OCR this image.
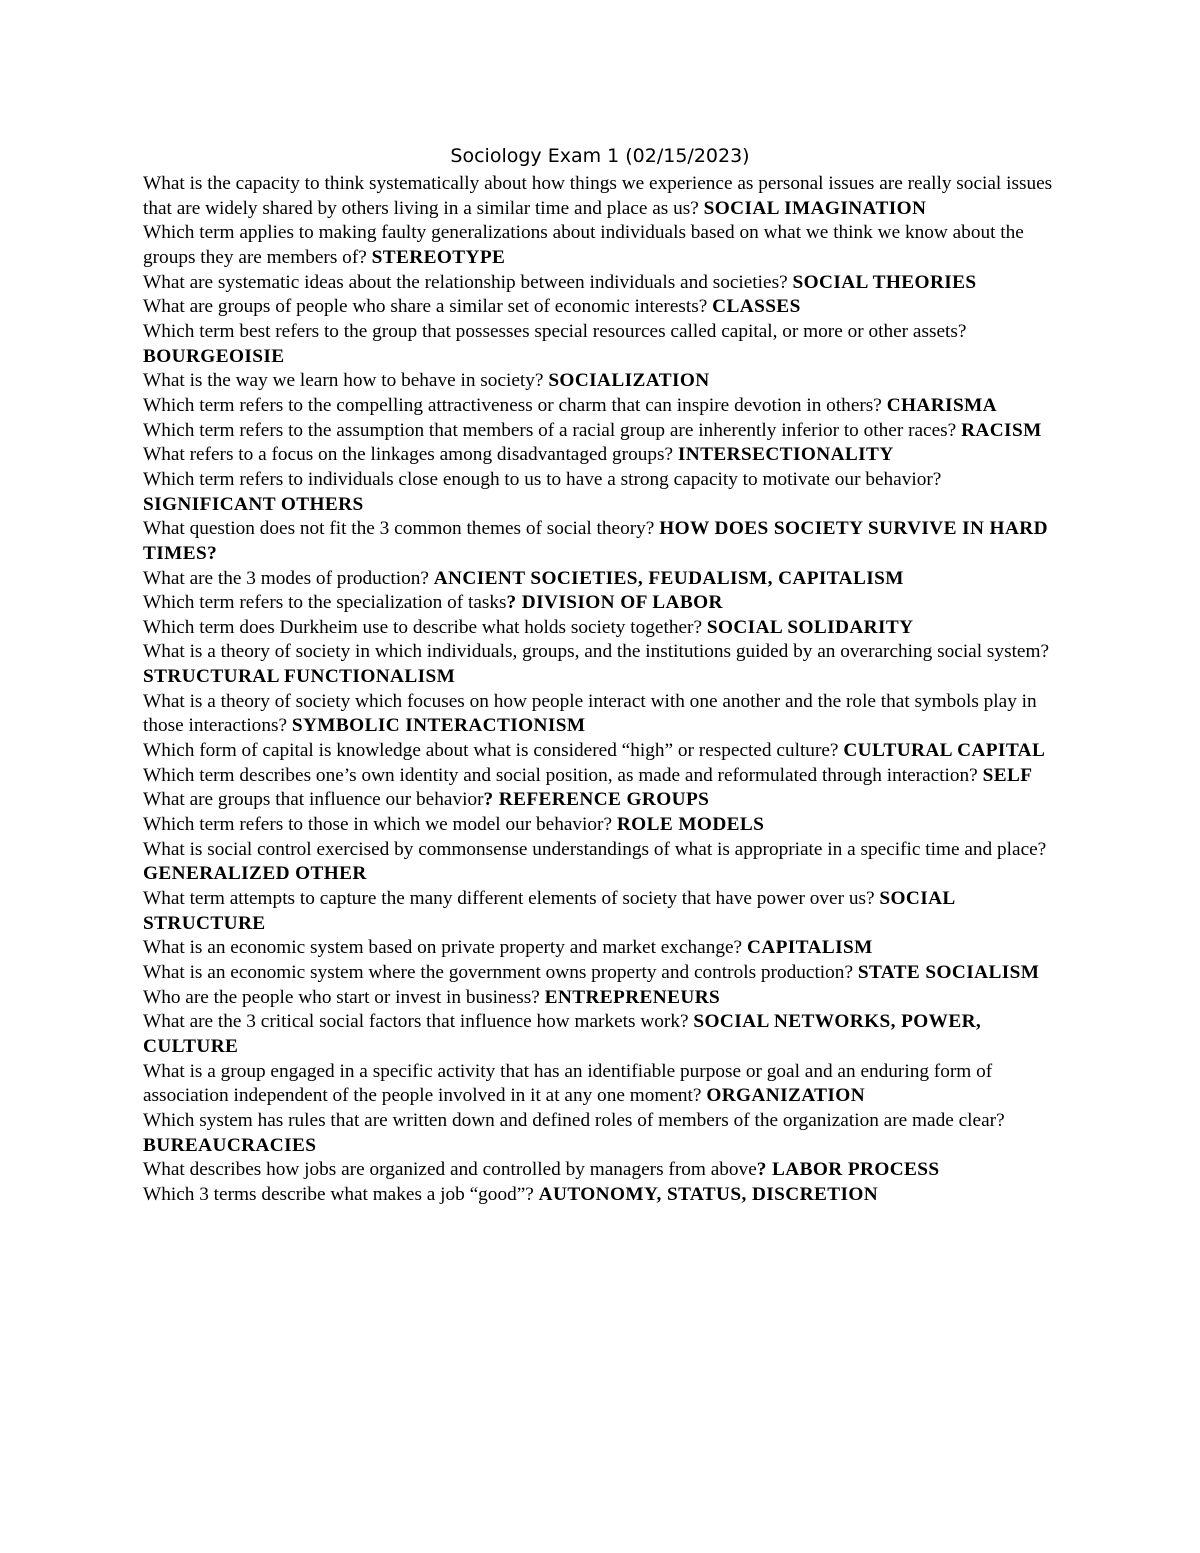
Sociology Exam 1 (02/15/2023)

What is the capacity to think systematically about how things we experience as personal issues are really social issues that are widely shared by others living in a similar time and place as us? SOCIAL IMAGINATION

Which term applies to making faulty generalizations about individuals based on what we think we know about the groups they are members of? STEREOTYPE

What are systematic ideas about the relationship between individuals and societies? SOCIAL THEORIES

What are groups of people who share a similar set of economic interests? CLASSES

Which term best refers to the group that possesses special resources called capital, or more or other assets? BOURGEOISIE

What is the way we learn how to behave in society? SOCIALIZATION

Which term refers to the compelling attractiveness or charm that can inspire devotion in others? CHARISMA

Which term refers to the assumption that members of a racial group are inherently inferior to other races? RACISM

What refers to a focus on the linkages among disadvantaged groups? INTERSECTIONALITY

Which term refers to individuals close enough to us to have a strong capacity to motivate our behavior? SIGNIFICANT OTHERS

What question does not fit the 3 common themes of social theory? HOW DOES SOCIETY SURVIVE IN HARD TIMES?

What are the 3 modes of production? ANCIENT SOCIETIES, FEUDALISM, CAPITALISM

Which term refers to the specialization of tasks? DIVISION OF LABOR

Which term does Durkheim use to describe what holds society together? SOCIAL SOLIDARITY

What is a theory of society in which individuals, groups, and the institutions guided by an overarching social system? STRUCTURAL FUNCTIONALISM

What is a theory of society which focuses on how people interact with one another and the role that symbols play in those interactions? SYMBOLIC INTERACTIONISM

Which form of capital is knowledge about what is considered “high” or respected culture? CULTURAL CAPITAL

Which term describes one’s own identity and social position, as made and reformulated through interaction? SELF

What are groups that influence our behavior? REFERENCE GROUPS

Which term refers to those in which we model our behavior? ROLE MODELS

What is social control exercised by commonsense understandings of what is appropriate in a specific time and place? GENERALIZED OTHER

What term attempts to capture the many different elements of society that have power over us? SOCIAL STRUCTURE

What is an economic system based on private property and market exchange? CAPITALISM

What is an economic system where the government owns property and controls production? STATE SOCIALISM

Who are the people who start or invest in business? ENTREPRENEURS

What are the 3 critical social factors that influence how markets work? SOCIAL NETWORKS, POWER, CULTURE

What is a group engaged in a specific activity that has an identifiable purpose or goal and an enduring form of association independent of the people involved in it at any one moment? ORGANIZATION

Which system has rules that are written down and defined roles of members of the organization are made clear? BUREAUCRACIES

What describes how jobs are organized and controlled by managers from above? LABOR PROCESS

Which 3 terms describe what makes a job “good”? AUTONOMY, STATUS, DISCRETION
